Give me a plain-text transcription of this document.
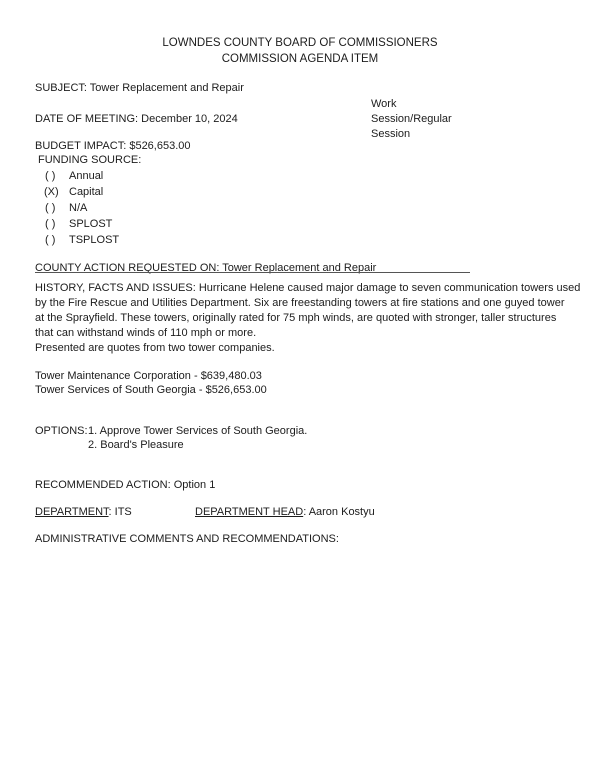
LOWNDES COUNTY BOARD OF COMMISSIONERS
COMMISSION AGENDA ITEM
SUBJECT: Tower Replacement and Repair
Work
DATE OF MEETING: December 10, 2024	Session/Regular
Session
BUDGET IMPACT: $526,653.00
FUNDING SOURCE:
( ) Annual
(X) Capital
( ) N/A
( ) SPLOST
( ) TSPLOST
COUNTY ACTION REQUESTED ON: Tower Replacement and Repair
HISTORY, FACTS AND ISSUES: Hurricane Helene caused major damage to seven communication towers used
by the Fire Rescue and Utilities Department. Six are freestanding towers at fire stations and one guyed tower
at the Sprayfield. These towers, originally rated for 75 mph winds, are quoted with stronger, taller structures
that can withstand winds of 110 mph or more.
Presented are quotes from two tower companies.
Tower Maintenance Corporation - $639,480.03
Tower Services of South Georgia - $526,653.00
OPTIONS: 1. Approve Tower Services of South Georgia.
2. Board's Pleasure
RECOMMENDED ACTION: Option 1
DEPARTMENT: ITS	DEPARTMENT HEAD: Aaron Kostyu
ADMINISTRATIVE COMMENTS AND RECOMMENDATIONS:
